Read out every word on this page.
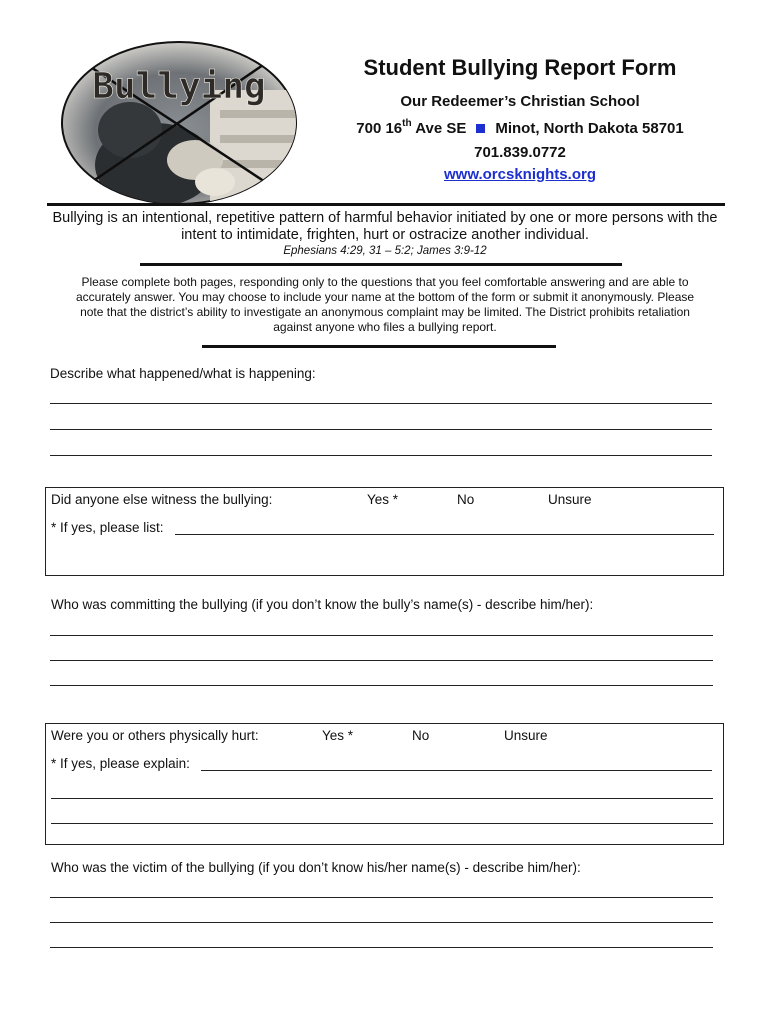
Bullying	Student Bullying Report Form
Our Redeemer’s Christian School
700 16th Ave SE Minot, North Dakota 58701
701.839.0772
www.orcsknights.org
Bullying is an intentional, repetitive pattern of harmful behavior initiated by one or more persons with the intent to intimidate, frighten, hurt or ostracize another individual.
Ephesians 4:29, 31 – 5:2; James 3:9-12
Please complete both pages, responding only to the questions that you feel comfortable answering and are able to accurately answer. You may choose to include your name at the bottom of the form or submit it anonymously. Please note that the district’s ability to investigate an anonymous complaint may be limited. The District prohibits retaliation against anyone who files a bullying report.
Describe what happened/what is happening:
Did anyone else witness the bullying:	Yes *	No	Unsure
* If yes, please list:
Who was committing the bullying (if you don’t know the bully’s name(s) - describe him/her):
Were you or others physically hurt:	Yes *	No	Unsure
* If yes, please explain:
Who was the victim of the bullying (if you don’t know his/her name(s) - describe him/her):
